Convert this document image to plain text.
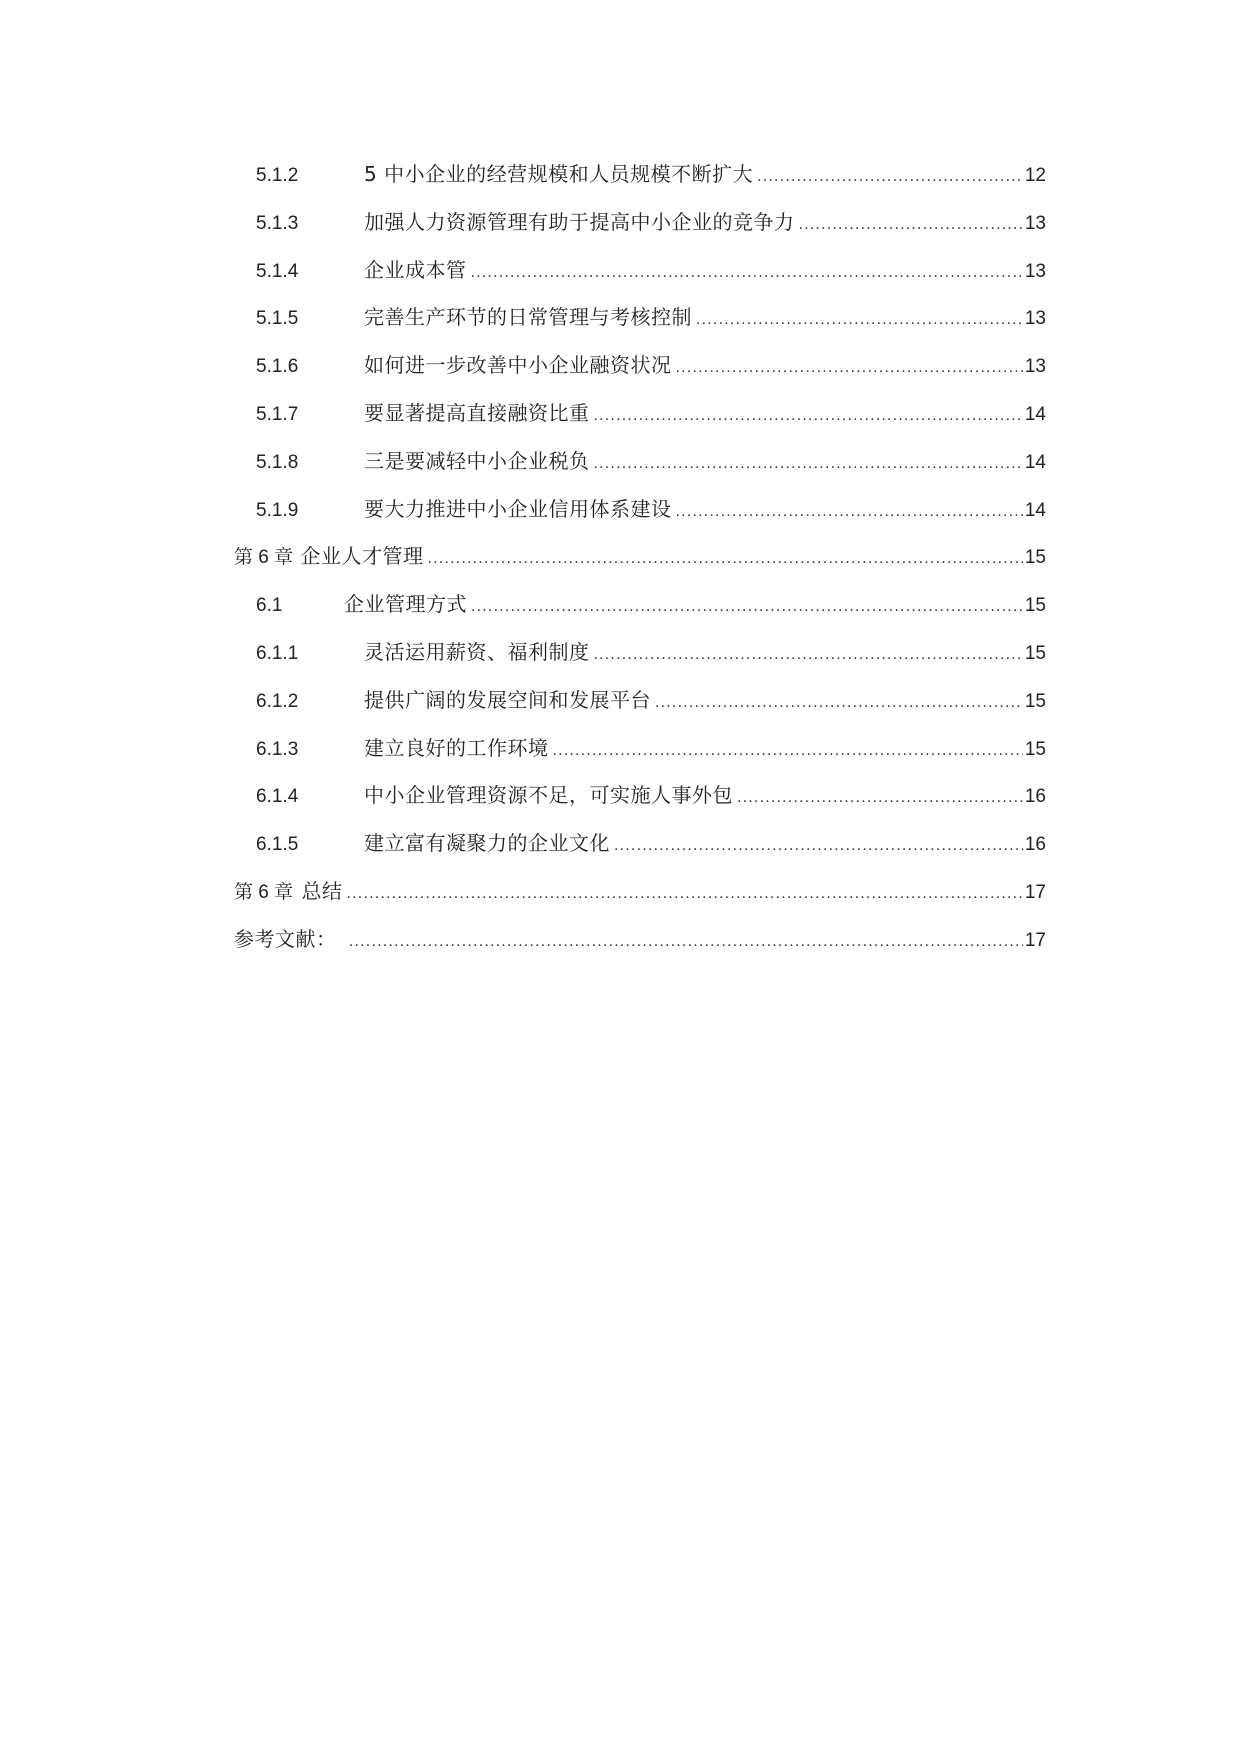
5.1.2	5 中小企业的经营规模和人员规模不断扩大 .....	12
5.1.3	加强人力资源管理有助于提高中小企业的竞争力 .....	13
5.1.4	企业成本管 .....	13
5.1.5	完善生产环节的日常管理与考核控制 .....	13
5.1.6	如何进一步改善中小企业融资状况 .....	13
5.1.7	要显著提高直接融资比重 .....	14
5.1.8	三是要减轻中小企业税负 .....	14
5.1.9	要大力推进中小企业信用体系建设 .....	14
第 6 章 企业人才管理 .....	15
6.1	企业管理方式 .....	15
6.1.1	灵活运用薪资、福利制度 .....	15
6.1.2	提供广阔的发展空间和发展平台 .....	15
6.1.3	建立良好的工作环境 .....	15
6.1.4	中小企业管理资源不足，可实施人事外包 .....	16
6.1.5	建立富有凝聚力的企业文化 .....	16
第 6 章 总结 .....	17
参考文献： .....	17
